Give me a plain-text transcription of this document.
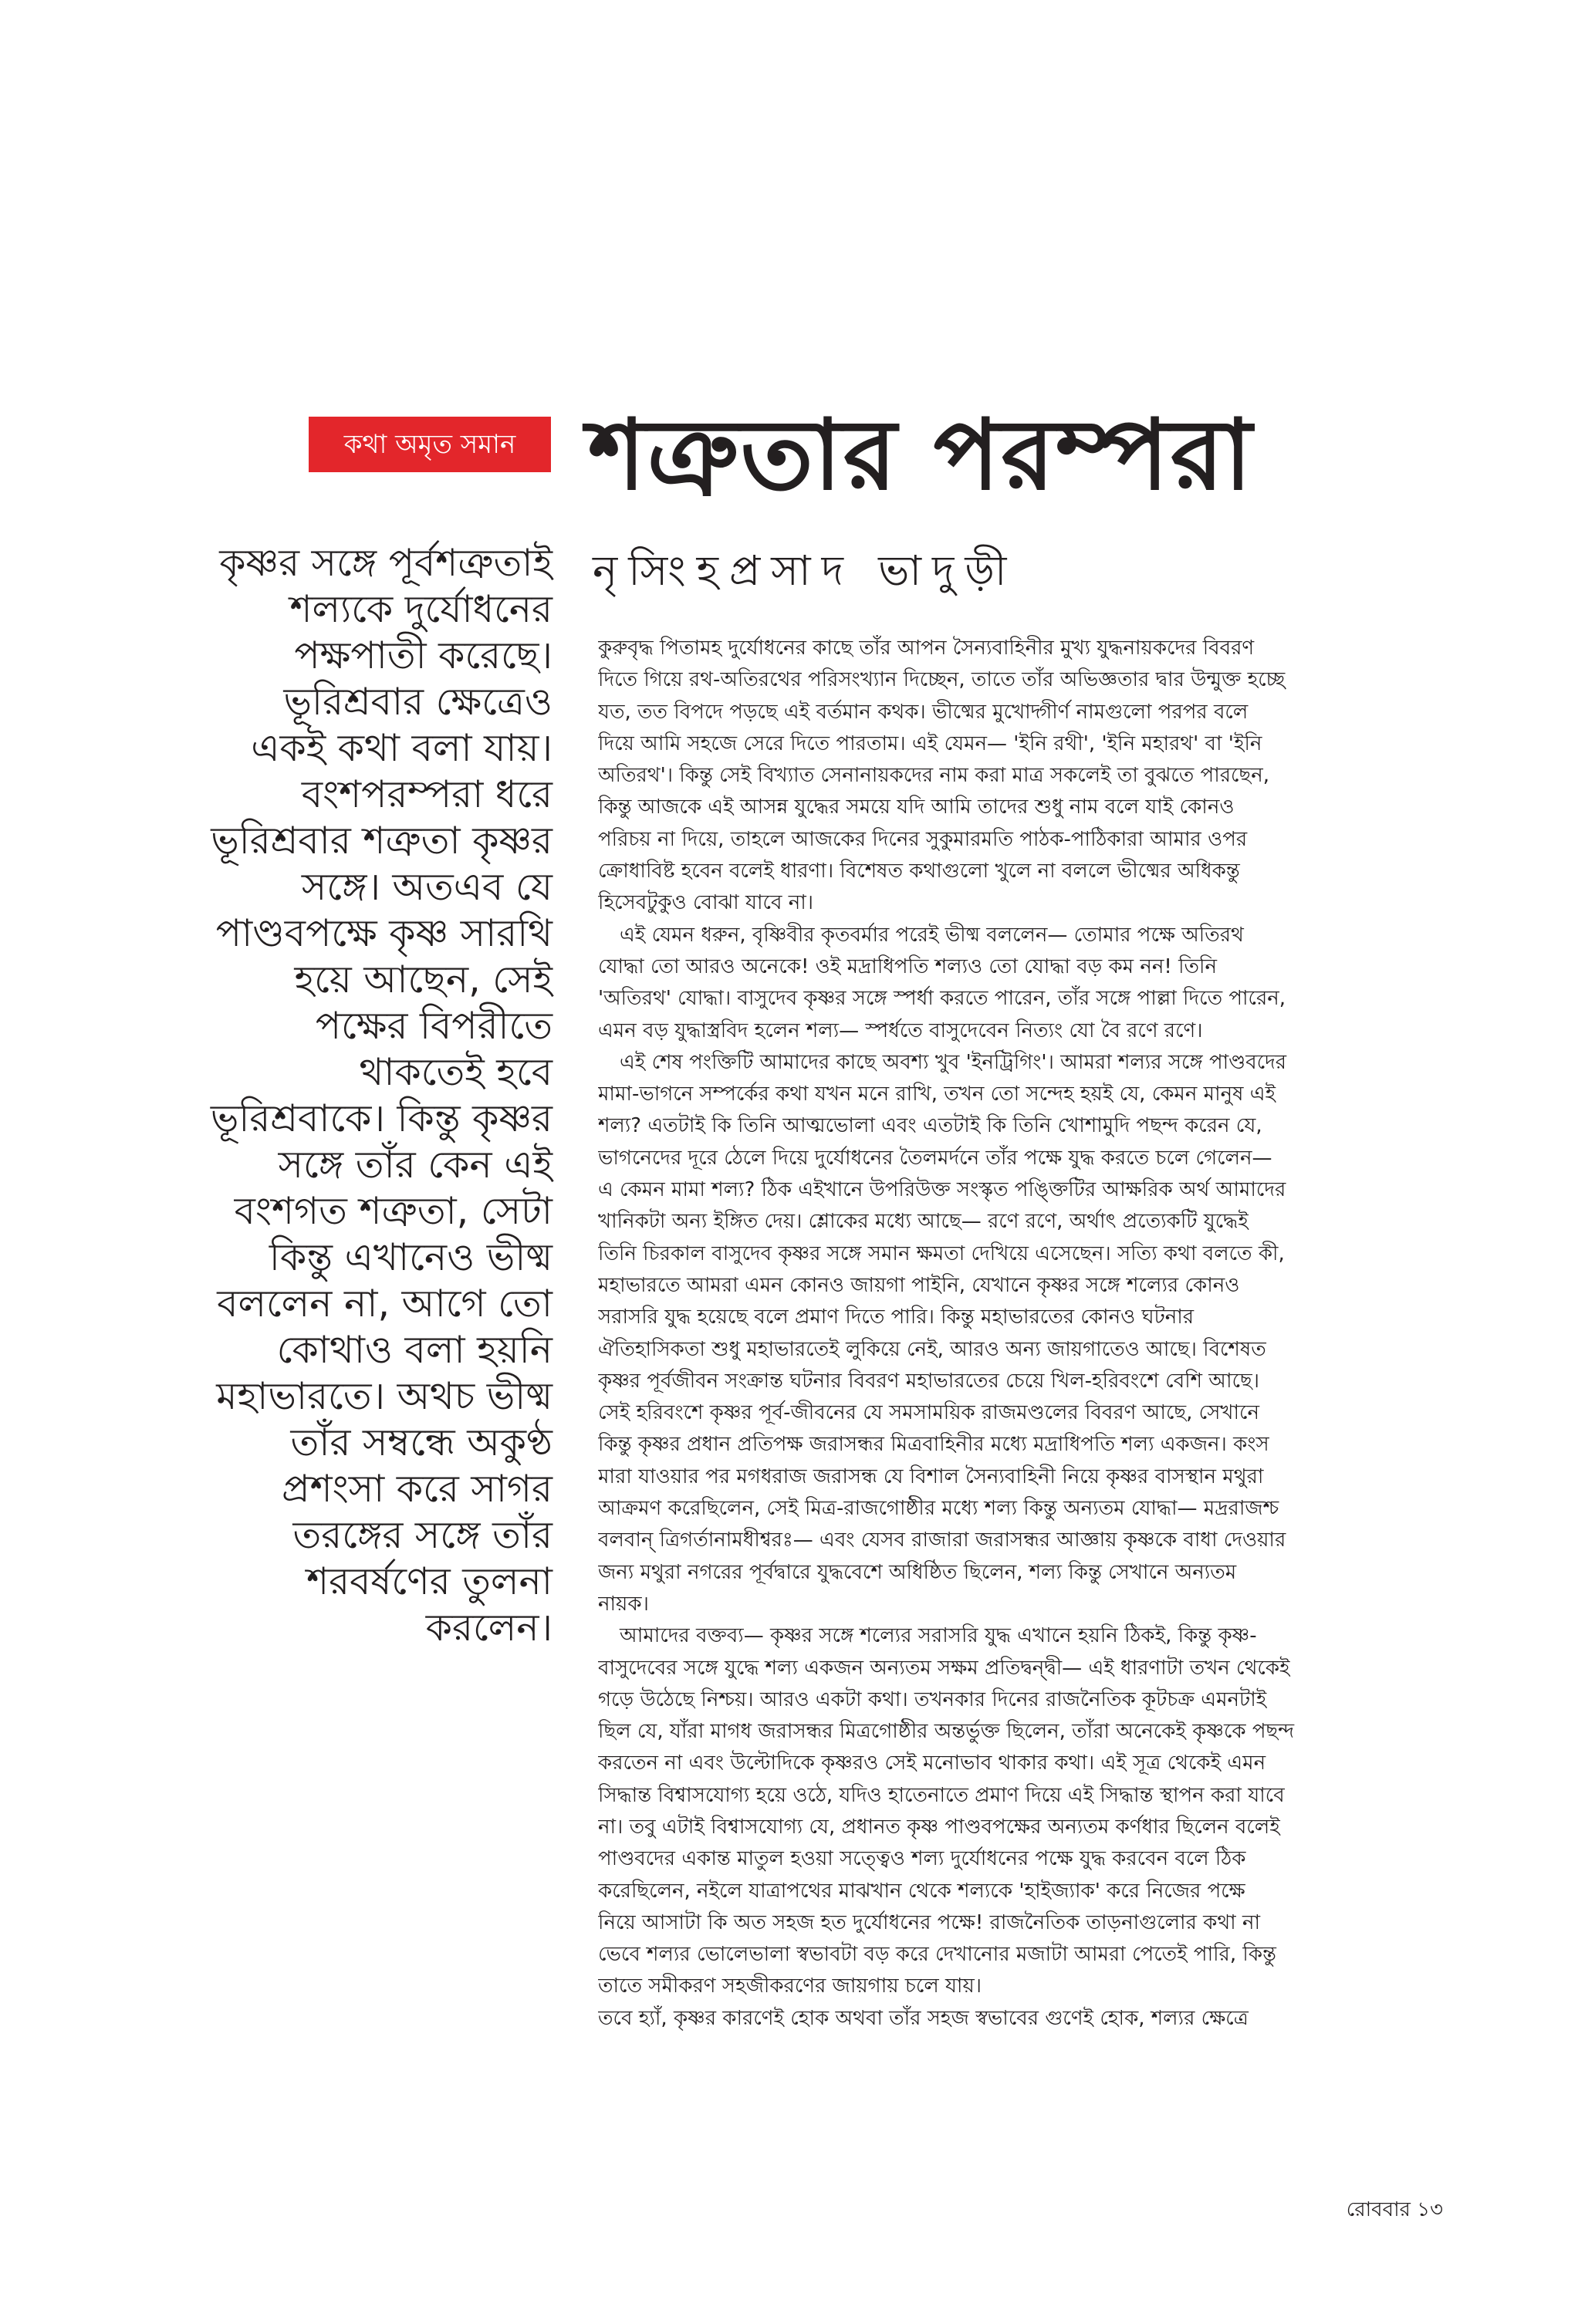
কথা অমৃত সমান শত্রুতার পরম্পরা
নৃসিংহপ্রসাদ ভাদুড়ী
কৃষ্ণর সঙ্গে পূর্বশত্রুতাই
শল্যকে দুর্যোধনের
পক্ষপাতী করেছে।
ভূরিশ্রবার ক্ষেত্রেও
একই কথা বলা যায়।
বংশপরম্পরা ধরে
ভূরিশ্রবার শত্রুতা কৃষ্ণর
সঙ্গে। অতএব যে
পাণ্ডবপক্ষে কৃষ্ণ সারথি
হয়ে আছেন, সেই
পক্ষের বিপরীতে
থাকতেই হবে
ভূরিশ্রবাকে। কিন্তু কৃষ্ণর
সঙ্গে তাঁর কেন এই
বংশগত শত্রুতা, সেটা
কিন্তু এখানেও ভীষ্ম
বললেন না, আগে তো
কোথাও বলা হয়নি
মহাভারতে। অথচ ভীষ্ম
তাঁর সম্বন্ধে অকুণ্ঠ
প্রশংসা করে সাগর
তরঙ্গের সঙ্গে তাঁর
শরবর্ষণের তুলনা
করলেন।
কুরুবৃদ্ধ পিতামহ দুর্যোধনের কাছে তাঁর আপন সৈন্যবাহিনীর মুখ্য যুদ্ধনায়কদের বিবরণ
দিতে গিয়ে রথ-অতিরথের পরিসংখ্যান দিচ্ছেন, তাতে তাঁর অভিজ্ঞতার দ্বার উন্মুক্ত হচ্ছে
যত, তত বিপদে পড়ছে এই বর্তমান কথক। ভীষ্মের মুখোদ্গীর্ণ নামগুলো পরপর বলে
দিয়ে আমি সহজে সেরে দিতে পারতাম। এই যেমন— 'ইনি রথী', 'ইনি মহারথ' বা 'ইনি
অতিরথ'। কিন্তু সেই বিখ্যাত সেনানায়কদের নাম করা মাত্র সকলেই তা বুঝতে পারছেন,
কিন্তু আজকে এই আসন্ন যুদ্ধের সময়ে যদি আমি তাদের শুধু নাম বলে যাই কোনও
পরিচয় না দিয়ে, তাহলে আজকের দিনের সুকুমারমতি পাঠক-পাঠিকারা আমার ওপর
ক্রোধাবিষ্ট হবেন বলেই ধারণা। বিশেষত কথাগুলো খুলে না বললে ভীষ্মের অধিকন্তু
হিসেবটুকুও বোঝা যাবে না।
এই যেমন ধরুন, বৃষ্ণিবীর কৃতবর্মার পরেই ভীষ্ম বললেন— তোমার পক্ষে অতিরথ
যোদ্ধা তো আরও অনেকে! ওই মদ্রাধিপতি শল্যও তো যোদ্ধা বড় কম নন! তিনি
'অতিরথ' যোদ্ধা। বাসুদেব কৃষ্ণর সঙ্গে স্পর্ধা করতে পারেন, তাঁর সঙ্গে পাল্লা দিতে পারেন,
এমন বড় যুদ্ধাস্ত্রবিদ হলেন শল্য— স্পর্ধতে বাসুদেবেন নিত্যং যো বৈ রণে রণে।
এই শেষ পংক্তিটি আমাদের কাছে অবশ্য খুব 'ইনট্রিগিং'। আমরা শল্যর সঙ্গে পাণ্ডবদের
মামা-ভাগনে সম্পর্কের কথা যখন মনে রাখি, তখন তো সন্দেহ হয়ই যে, কেমন মানুষ এই
শল্য? এতটাই কি তিনি আত্মভোলা এবং এতটাই কি তিনি খোশামুদি পছন্দ করেন যে,
ভাগনেদের দূরে ঠেলে দিয়ে দুর্যোধনের তৈলমর্দনে তাঁর পক্ষে যুদ্ধ করতে চলে গেলেন—
এ কেমন মামা শল্য? ঠিক এইখানে উপরিউক্ত সংস্কৃত পঙ্ক্তিটির আক্ষরিক অর্থ আমাদের
খানিকটা অন্য ইঙ্গিত দেয়। শ্লোকের মধ্যে আছে— রণে রণে, অর্থাৎ প্রত্যেকটি যুদ্ধেই
তিনি চিরকাল বাসুদেব কৃষ্ণর সঙ্গে সমান ক্ষমতা দেখিয়ে এসেছেন। সত্যি কথা বলতে কী,
মহাভারতে আমরা এমন কোনও জায়গা পাইনি, যেখানে কৃষ্ণর সঙ্গে শল্যের কোনও
সরাসরি যুদ্ধ হয়েছে বলে প্রমাণ দিতে পারি। কিন্তু মহাভারতের কোনও ঘটনার
ঐতিহাসিকতা শুধু মহাভারতেই লুকিয়ে নেই, আরও অন্য জায়গাতেও আছে। বিশেষত
কৃষ্ণর পূর্বজীবন সংক্রান্ত ঘটনার বিবরণ মহাভারতের চেয়ে খিল-হরিবংশে বেশি আছে।
সেই হরিবংশে কৃষ্ণর পূর্ব-জীবনের যে সমসাময়িক রাজমণ্ডলের বিবরণ আছে, সেখানে
কিন্তু কৃষ্ণর প্রধান প্রতিপক্ষ জরাসন্ধর মিত্রবাহিনীর মধ্যে মদ্রাধিপতি শল্য একজন। কংস
মারা যাওয়ার পর মগধরাজ জরাসন্ধ যে বিশাল সৈন্যবাহিনী নিয়ে কৃষ্ণর বাসস্থান মথুরা
আক্রমণ করেছিলেন, সেই মিত্র-রাজগোষ্ঠীর মধ্যে শল্য কিন্তু অন্যতম যোদ্ধা— মদ্ররাজশ্চ
বলবান্ ত্রিগর্তানামধীশ্বরঃ— এবং যেসব রাজারা জরাসন্ধর আজ্ঞায় কৃষ্ণকে বাধা দেওয়ার
জন্য মথুরা নগরের পূর্বদ্বারে যুদ্ধবেশে অধিষ্ঠিত ছিলেন, শল্য কিন্তু সেখানে অন্যতম
নায়ক।
আমাদের বক্তব্য— কৃষ্ণর সঙ্গে শল্যের সরাসরি যুদ্ধ এখানে হয়নি ঠিকই, কিন্তু কৃষ্ণ-
বাসুদেবের সঙ্গে যুদ্ধে শল্য একজন অন্যতম সক্ষম প্রতিদ্বন্দ্বী— এই ধারণাটা তখন থেকেই
গড়ে উঠেছে নিশ্চয়। আরও একটা কথা। তখনকার দিনের রাজনৈতিক কূটচক্র এমনটাই
ছিল যে, যাঁরা মাগধ জরাসন্ধর মিত্রগোষ্ঠীর অন্তর্ভুক্ত ছিলেন, তাঁরা অনেকেই কৃষ্ণকে পছন্দ
করতেন না এবং উল্টোদিকে কৃষ্ণরও সেই মনোভাব থাকার কথা। এই সূত্র থেকেই এমন
সিদ্ধান্ত বিশ্বাসযোগ্য হয়ে ওঠে, যদিও হাতেনাতে প্রমাণ দিয়ে এই সিদ্ধান্ত স্থাপন করা যাবে
না। তবু এটাই বিশ্বাসযোগ্য যে, প্রধানত কৃষ্ণ পাণ্ডবপক্ষের অন্যতম কর্ণধার ছিলেন বলেই
পাণ্ডবদের একান্ত মাতুল হওয়া সত্ত্বেও শল্য দুর্যোধনের পক্ষে যুদ্ধ করবেন বলে ঠিক
করেছিলেন, নইলে যাত্রাপথের মাঝখান থেকে শল্যকে 'হাইজ্যাক' করে নিজের পক্ষে
নিয়ে আসাটা কি অত সহজ হত দুর্যোধনের পক্ষে! রাজনৈতিক তাড়নাগুলোর কথা না
ভেবে শল্যর ভোলেভালা স্বভাবটা বড় করে দেখানোর মজাটা আমরা পেতেই পারি, কিন্তু
তাতে সমীকরণ সহজীকরণের জায়গায় চলে যায়।
তবে হ্যাঁ, কৃষ্ণর কারণেই হোক অথবা তাঁর সহজ স্বভাবের গুণেই হোক, শল্যর ক্ষেত্রে
রোববার ১৩
